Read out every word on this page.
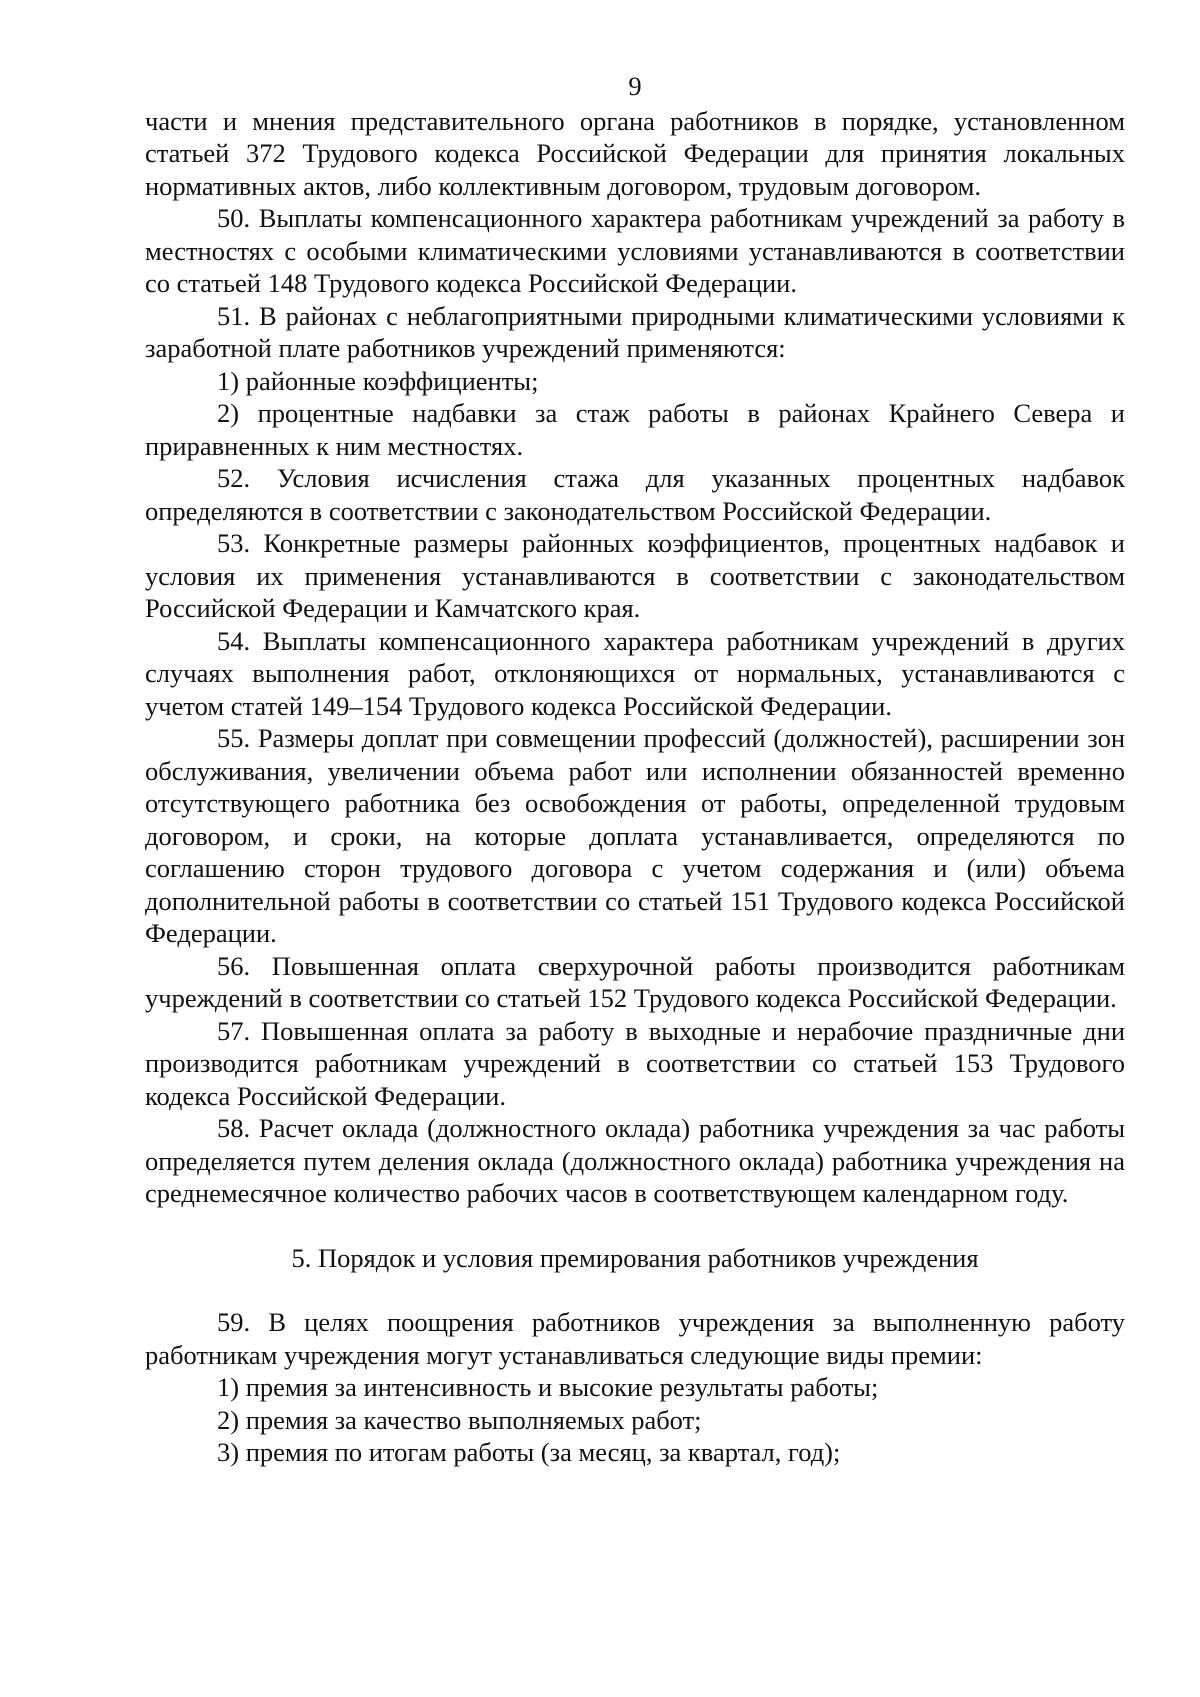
9

части и мнения представительного органа работников в порядке, установленном статьей 372 Трудового кодекса Российской Федерации для принятия локальных нормативных актов, либо коллективным договором, трудовым договором.

50. Выплаты компенсационного характера работникам учреждений за работу в местностях с особыми климатическими условиями устанавливаются в соответствии со статьей 148 Трудового кодекса Российской Федерации.

51. В районах с неблагоприятными природными климатическими условиями к заработной плате работников учреждений применяются:

1) районные коэффициенты;

2) процентные надбавки за стаж работы в районах Крайнего Севера и приравненных к ним местностях.

52. Условия исчисления стажа для указанных процентных надбавок определяются в соответствии с законодательством Российской Федерации.

53. Конкретные размеры районных коэффициентов, процентных надбавок и условия их применения устанавливаются в соответствии с законодательством Российской Федерации и Камчатского края.

54. Выплаты компенсационного характера работникам учреждений в других случаях выполнения работ, отклоняющихся от нормальных, устанавливаются с учетом статей 149–154 Трудового кодекса Российской Федерации.

55. Размеры доплат при совмещении профессий (должностей), расширении зон обслуживания, увеличении объема работ или исполнении обязанностей временно отсутствующего работника без освобождения от работы, определенной трудовым договором, и сроки, на которые доплата устанавливается, определяются по соглашению сторон трудового договора с учетом содержания и (или) объема дополнительной работы в соответствии со статьей 151 Трудового кодекса Российской Федерации.

56. Повышенная оплата сверхурочной работы производится работникам учреждений в соответствии со статьей 152 Трудового кодекса Российской Федерации.

57. Повышенная оплата за работу в выходные и нерабочие праздничные дни производится работникам учреждений в соответствии со статьей 153 Трудового кодекса Российской Федерации.

58. Расчет оклада (должностного оклада) работника учреждения за час работы определяется путем деления оклада (должностного оклада) работника учреждения на среднемесячное количество рабочих часов в соответствующем календарном году.

5. Порядок и условия премирования работников учреждения

59. В целях поощрения работников учреждения за выполненную работу работникам учреждения могут устанавливаться следующие виды премии:

1) премия за интенсивность и высокие результаты работы;

2) премия за качество выполняемых работ;

3) премия по итогам работы (за месяц, за квартал, год);
